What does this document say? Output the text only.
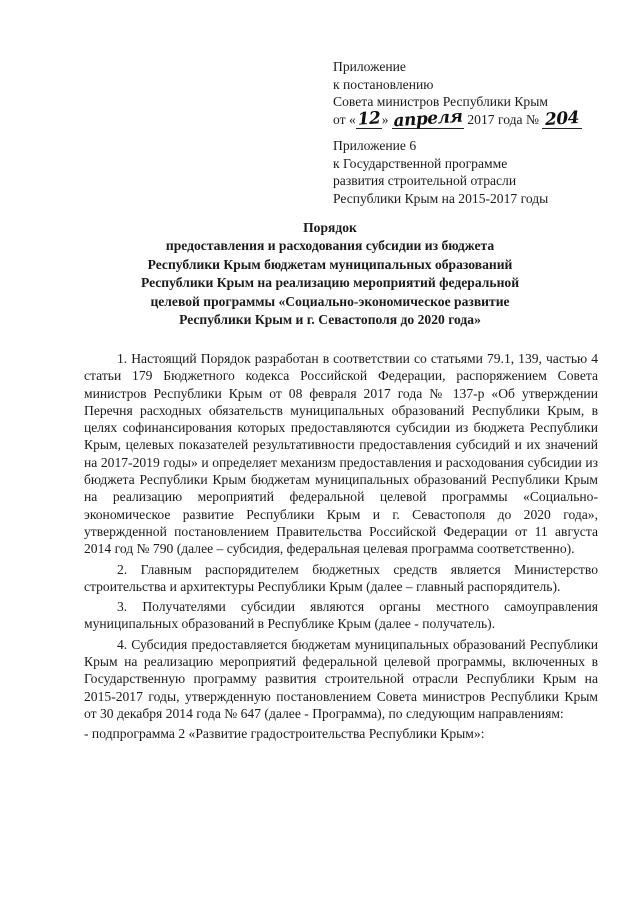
Приложение
к постановлению
Совета министров Республики Крым
от « 12 » апреля 2017 года № 204
Приложение 6
к Государственной программе
развития строительной отрасли
Республики Крым на 2015-2017 годы
Порядок
предоставления и расходования субсидии из бюджета
Республики Крым бюджетам муниципальных образований
Республики Крым на реализацию мероприятий федеральной
целевой программы «Социально-экономическое развитие
Республики Крым и г. Севастополя до 2020 года»

1. Настоящий Порядок разработан в соответствии со статьями 79.1, 139, частью 4 статьи 179 Бюджетного кодекса Российской Федерации, распоряжением Совета министров Республики Крым от 08 февраля 2017 года № 137-р «Об утверждении Перечня расходных обязательств муниципальных образований Республики Крым, в целях софинансирования которых предоставляются субсидии из бюджета Республики Крым, целевых показателей результативности предоставления субсидий и их значений на 2017-2019 годы» и определяет механизм предоставления и расходования субсидии из бюджета Республики Крым бюджетам муниципальных образований Республики Крым на реализацию мероприятий федеральной целевой программы «Социально-экономическое развитие Республики Крым и г. Севастополя до 2020 года», утвержденной постановлением Правительства Российской Федерации от 11 августа 2014 год № 790 (далее – субсидия, федеральная целевая программа соответственно).

2. Главным распорядителем бюджетных средств является Министерство строительства и архитектуры Республики Крым (далее – главный распорядитель).

3. Получателями субсидии являются органы местного самоуправления муниципальных образований в Республике Крым (далее - получатель).

4. Субсидия предоставляется бюджетам муниципальных образований Республики Крым на реализацию мероприятий федеральной целевой программы, включенных в Государственную программу развития строительной отрасли Республики Крым на 2015-2017 годы, утвержденную постановлением Совета министров Республики Крым от 30 декабря 2014 года № 647 (далее - Программа), по следующим направлениям:

- подпрограмма 2 «Развитие градостроительства Республики Крым»:
